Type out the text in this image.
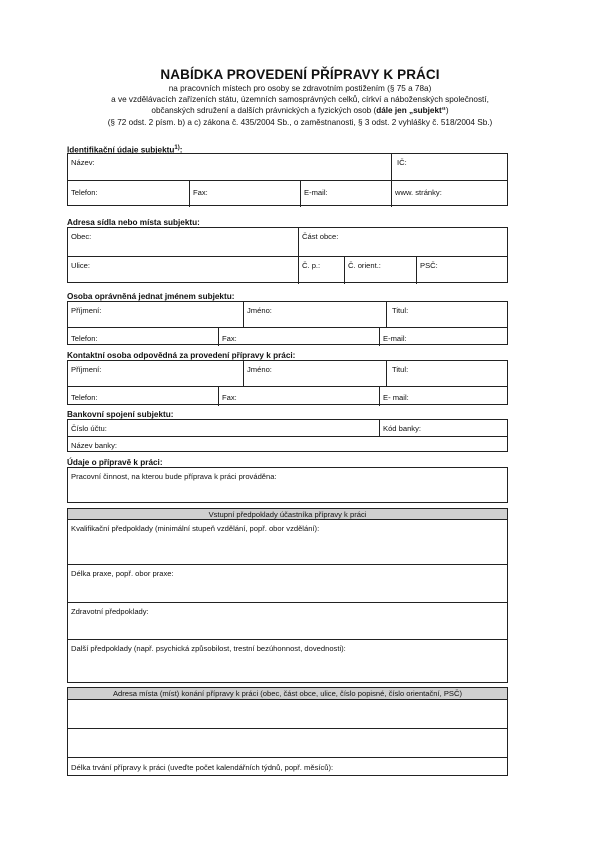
NABÍDKA PROVEDENÍ PŘÍPRAVY K PRÁCI
na pracovních místech pro osoby se zdravotním postižením (§ 75 a 78a)
a ve vzdělávacích zařízeních státu, územních samosprávných celků, církví a náboženských společností,
občanských sdružení a dalších právnických a fyzických osob (dále jen „subjekt“)
(§ 72 odst. 2 písm. b) a c) zákona č. 435/2004 Sb., o zaměstnanosti, § 3 odst. 2 vyhlášky č. 518/2004 Sb.)
Identifikační údaje subjektu$^{1)}$:
Název:	IČ:
Telefon:	Fax:	E-mail:	www. stránky:
Adresa sídla nebo místa subjektu:
Obec:	Část obce:
Ulice:	Č. p.:	Č. orient.:	PSČ:
Osoba oprávněná jednat jménem subjektu:
Příjmení:	Jméno:	Titul:
Telefon:	Fax:	E-mail:
Kontaktní osoba odpovědná za provedení přípravy k práci:
Příjmení:	Jméno:	Titul:
Telefon:	Fax:	E- mail:
Bankovní spojení subjektu:
Číslo účtu:	Kód banky:
Název banky:
Údaje o přípravě k práci:
Pracovní činnost, na kterou bude příprava k práci prováděna:
Vstupní předpoklady účastníka přípravy k práci
Kvalifikační předpoklady (minimální stupeň vzdělání, popř. obor vzdělání):
Délka praxe, popř. obor praxe:
Zdravotní předpoklady:
Další předpoklady (např. psychická způsobilost, trestní bezúhonnost, dovednosti):
Adresa místa (míst) konání přípravy k práci (obec, část obce, ulice, číslo popisné, číslo orientační, PSČ)
Délka trvání přípravy k práci (uveďte počet kalendářních týdnů, popř. měsíců):
